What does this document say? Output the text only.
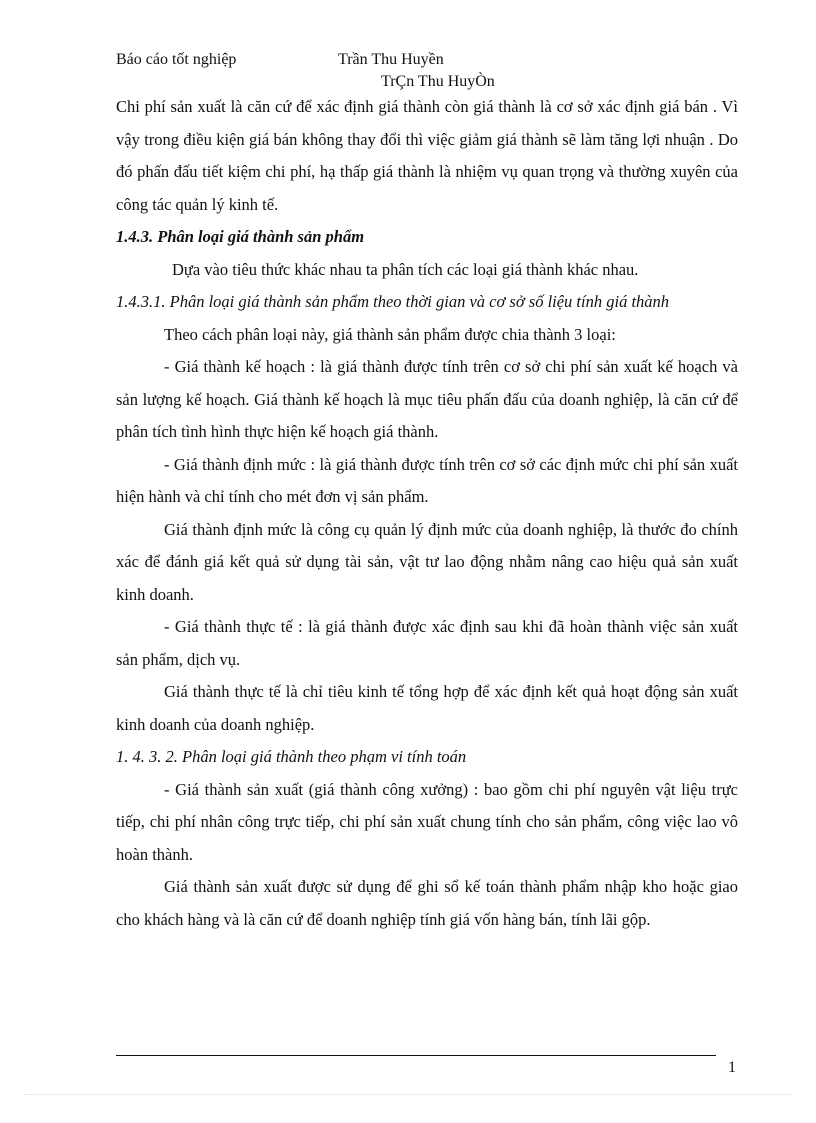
Báo cáo tốt nghiệp	Trần Thu Huyền
TrÇn Thu HuyÒn

Chi phí sản xuất là căn cứ để xác định giá thành còn giá thành là cơ sở xác định giá bán . Vì vậy trong điều kiện giá bán không thay đổi thì việc giảm giá thành sẽ làm tăng lợi nhuận . Do đó phấn đấu tiết kiệm chi phí, hạ thấp giá thành là nhiệm vụ quan trọng và thường xuyên của công tác quản lý kinh tế.

1.4.3. Phân loại giá thành sản phẩm

Dựa vào tiêu thức khác nhau ta phân tích các loại giá thành khác nhau.

1.4.3.1. Phân loại giá thành sản phẩm theo thời gian và cơ sở số liệu tính giá thành

Theo cách phân loại này, giá thành sản phẩm được chia thành 3 loại:

- Giá thành kế hoạch : là giá thành được tính trên cơ sở chi phí sản xuất kế hoạch và sản lượng kế hoạch. Giá thành kế hoạch là mục tiêu phấn đấu của doanh nghiệp, là căn cứ để phân tích tình hình thực hiện kế hoạch giá thành.

- Giá thành định mức : là giá thành được tính trên cơ sở các định mức chi phí sản xuất hiện hành và chỉ tính cho mét đơn vị sản phẩm.

Giá thành định mức là công cụ quản lý định mức của doanh nghiệp, là thước đo chính xác để đánh giá kết quả sử dụng tài sản, vật tư lao động nhằm nâng cao hiệu quả sản xuất kinh doanh.

- Giá thành thực tế : là giá thành được xác định sau khi đã hoàn thành việc sản xuất sản phẩm, dịch vụ.

Giá thành thực tế là chỉ tiêu kinh tế tổng hợp để xác định kết quả hoạt động sản xuất kinh doanh của doanh nghiệp.

1. 4. 3. 2. Phân loại giá thành theo phạm vi tính toán

- Giá thành sản xuất (giá thành công xưởng) : bao gồm chi phí nguyên vật liệu trực tiếp, chi phí nhân công trực tiếp, chi phí sản xuất chung tính cho sản phẩm, công việc lao vô hoàn thành.

Giá thành sản xuất được sử dụng để ghi sổ kế toán thành phẩm nhập kho hoặc giao cho khách hàng và là căn cứ để doanh nghiệp tính giá vốn hàng bán, tính lãi gộp.

1
